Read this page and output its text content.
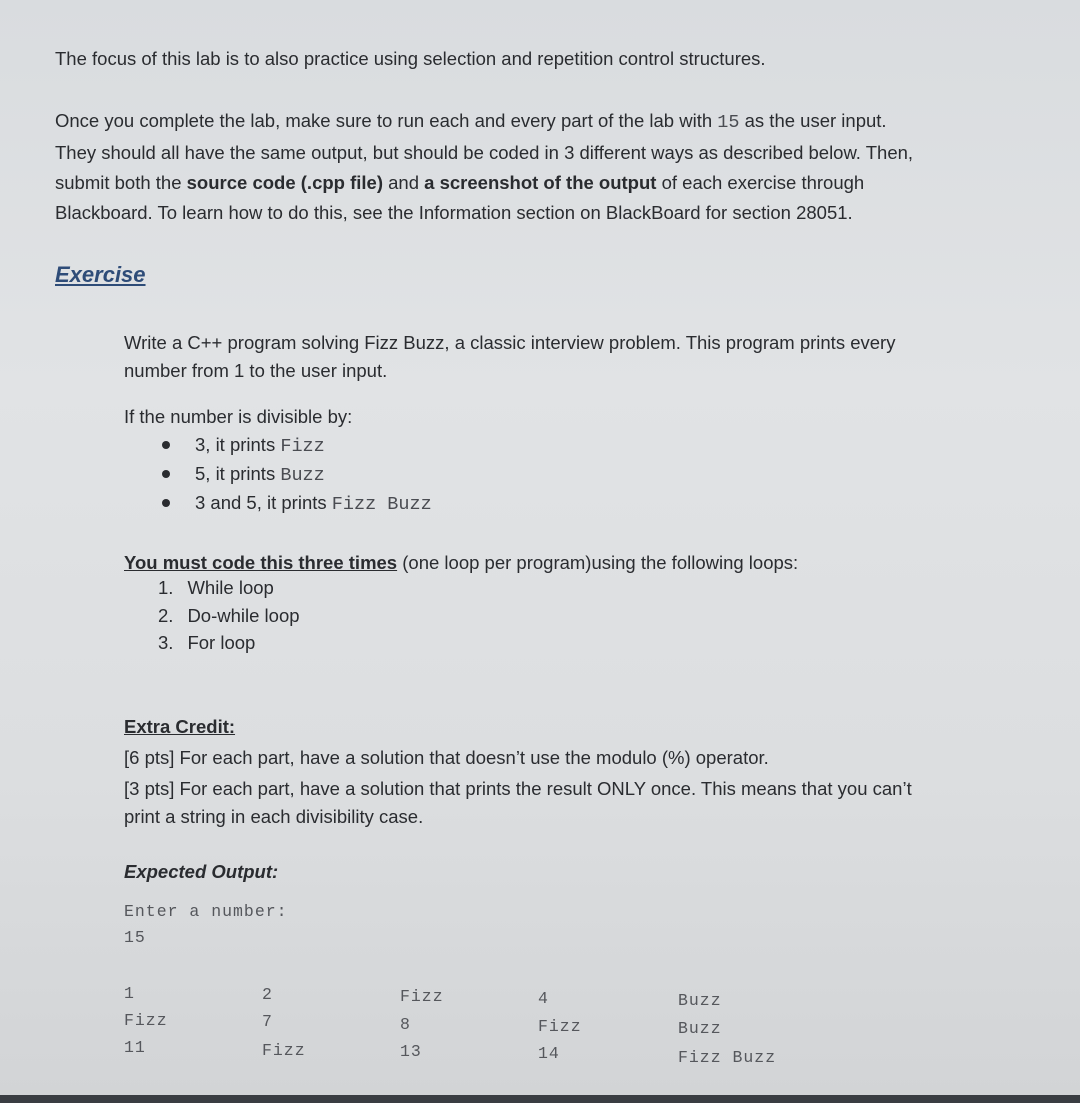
The focus of this lab is to also practice using selection and repetition control structures.
Once you complete the lab, make sure to run each and every part of the lab with 15 as the user input.
They should all have the same output, but should be coded in 3 different ways as described below. Then,
submit both the source code (.cpp file) and a screenshot of the output of each exercise through
Blackboard. To learn how to do this, see the Information section on BlackBoard for section 28051.
Exercise
Write a C++ program solving Fizz Buzz, a classic interview problem. This program prints every
number from 1 to the user input.
If the number is divisible by:
3, it prints Fizz
5, it prints Buzz
3 and 5, it prints Fizz Buzz
You must code this three times (one loop per program)using the following loops:
1. While loop
2. Do-while loop
3. For loop
Extra Credit:
[6 pts] For each part, have a solution that doesn’t use the modulo (%) operator.
[3 pts] For each part, have a solution that prints the result ONLY once. This means that you can’t
print a string in each divisibility case.
Expected Output:
Enter a number:
15
1
Fizz
11
2
7
Fizz
Fizz
8
13
4
Fizz
14
Buzz
Buzz
Fizz Buzz
